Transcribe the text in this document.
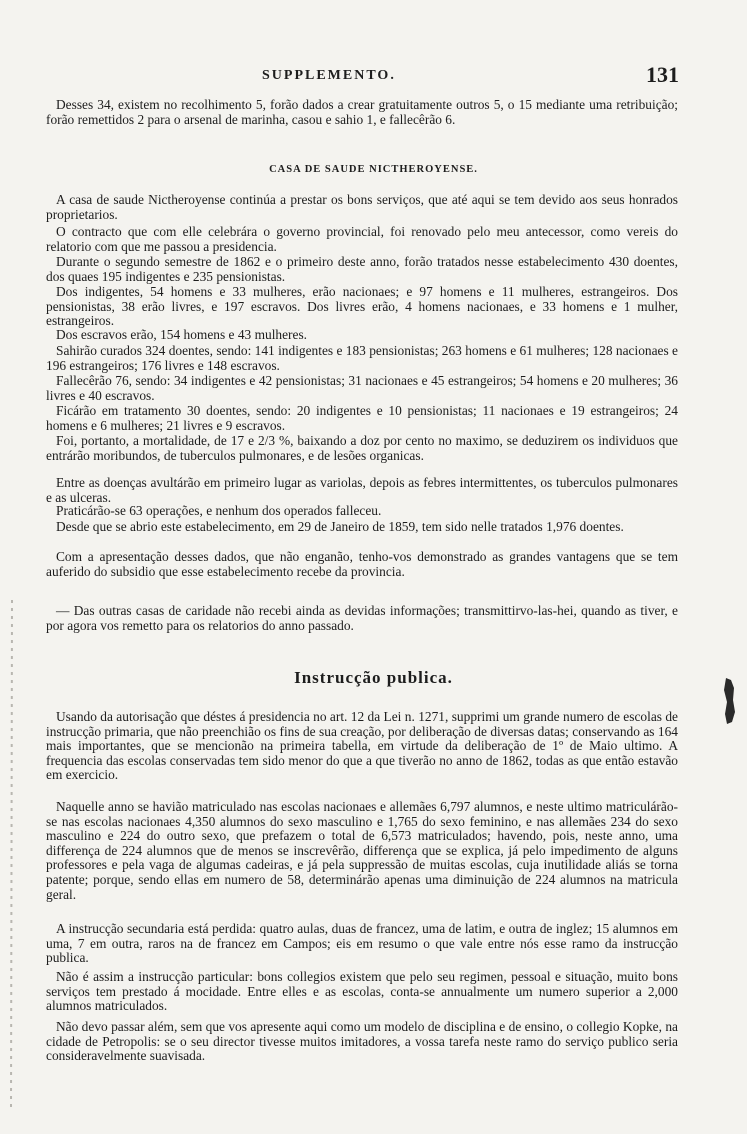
SUPPLEMENTO.	131

Desses 34, existem no recolhimento 5, forão dados a crear gratuitamente outros 5, o 15 mediante uma retribuição; forão remettidos 2 para o arsenal de marinha, casou e sahio 1, e fallecêrão 6.

CASA DE SAUDE NICTHEROYENSE.

A casa de saude Nictheroyense continúa a prestar os bons serviços, que até aqui se tem devido aos seus honrados proprietarios.

O contracto que com elle celebrára o governo provincial, foi renovado pelo meu antecessor, como vereis do relatorio com que me passou a presidencia.

Durante o segundo semestre de 1862 e o primeiro deste anno, forão tratados nesse estabelecimento 430 doentes, dos quaes 195 indigentes e 235 pensionistas.

Dos indigentes, 54 homens e 33 mulheres, erão nacionaes; e 97 homens e 11 mulheres, estrangeiros. Dos pensionistas, 38 erão livres, e 197 escravos. Dos livres erão, 4 homens nacionaes, e 33 homens e 1 mulher, estrangeiros.

Dos escravos erão, 154 homens e 43 mulheres.

Sahirão curados 324 doentes, sendo: 141 indigentes e 183 pensionistas; 263 homens e 61 mulheres; 128 nacionaes e 196 estrangeiros; 176 livres e 148 escravos.

Fallecêrão 76, sendo: 34 indigentes e 42 pensionistas; 31 nacionaes e 45 estrangeiros; 54 homens e 20 mulheres; 36 livres e 40 escravos.

Ficárão em tratamento 30 doentes, sendo: 20 indigentes e 10 pensionistas; 11 nacionaes e 19 estrangeiros; 24 homens e 6 mulheres; 21 livres e 9 escravos.

Foi, portanto, a mortalidade, de 17 e 2/3 %, baixando a doz por cento no maximo, se deduzirem os individuos que entrárão moribundos, de tuberculos pulmonares, e de lesões organicas.

Entre as doenças avultárão em primeiro lugar as variolas, depois as febres intermittentes, os tuberculos pulmonares e as ulceras.

Praticárão-se 63 operações, e nenhum dos operados falleceu.

Desde que se abrio este estabelecimento, em 29 de Janeiro de 1859, tem sido nelle tratados 1,976 doentes.

Com a apresentação desses dados, que não enganão, tenho-vos demonstrado as grandes vantagens que se tem auferido do subsidio que esse estabelecimento recebe da provincia.

— Das outras casas de caridade não recebi ainda as devidas informações; transmittirvo-las-hei, quando as tiver, e por agora vos remetto para os relatorios do anno passado.

Instrucção publica.

Usando da autorisação que déstes á presidencia no art. 12 da Lei n. 1271, supprimi um grande numero de escolas de instrucção primaria, que não preenchião os fins de sua creação, por deliberação de diversas datas; conservando as 164 mais importantes, que se mencionão na primeira tabella, em virtude da deliberação de 1º de Maio ultimo. A frequencia das escolas conservadas tem sido menor do que a que tiverão no anno de 1862, todas as que então estavão em exercicio.

Naquelle anno se havião matriculado nas escolas nacionaes e allemães 6,797 alumnos, e neste ultimo matriculárão-se nas escolas nacionaes 4,350 alumnos do sexo masculino e 1,765 do sexo feminino, e nas allemães 234 do sexo masculino e 224 do outro sexo, que prefazem o total de 6,573 matriculados; havendo, pois, neste anno, uma differença de 224 alumnos que de menos se inscrevêrão, differença que se explica, já pelo impedimento de alguns professores e pela vaga de algumas cadeiras, e já pela suppressão de muitas escolas, cuja inutilidade aliás se torna patente; porque, sendo ellas em numero de 58, determinárão apenas uma diminuição de 224 alumnos na matricula geral.

A instrucção secundaria está perdida: quatro aulas, duas de francez, uma de latim, e outra de inglez; 15 alumnos em uma, 7 em outra, raros na de francez em Campos; eis em resumo o que vale entre nós esse ramo da instrucção publica.

Não é assim a instrucção particular: bons collegios existem que pelo seu regimen, pessoal e situação, muito bons serviços tem prestado á mocidade. Entre elles e as escolas, conta-se annualmente um numero superior a 2,000 alumnos matriculados.

Não devo passar além, sem que vos apresente aqui como um modelo de disciplina e de ensino, o collegio Kopke, na cidade de Petropolis: se o seu director tivesse muitos imitadores, a vossa tarefa neste ramo do serviço publico seria consideravelmente suavisada.
